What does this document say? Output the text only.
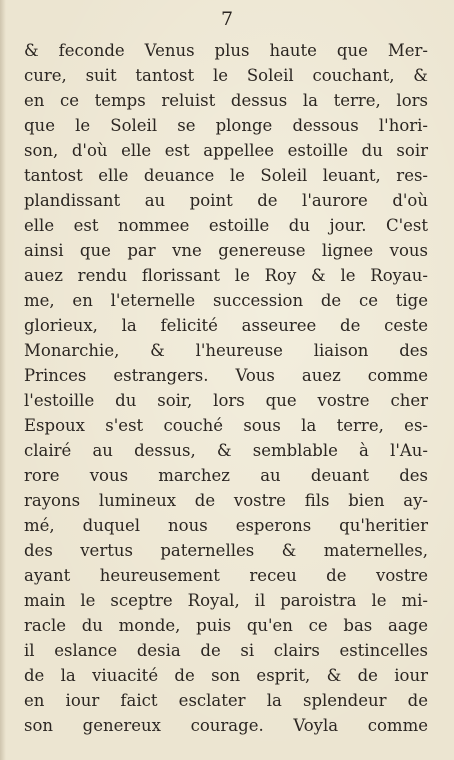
7
& feconde Venus plus haute que Mer-
cure, suit tantost le Soleil couchant, &
en ce temps reluist dessus la terre, lors
que le Soleil se plonge dessous l'hori-
son, d'où elle est appellee estoille du soir
tantost elle deuance le Soleil leuant, res-
plandissant au point de l'aurore d'où
elle est nommee estoille du jour. C'est
ainsi que par vne genereuse lignee vous
auez rendu florissant le Roy & le Royau-
me, en l'eternelle succession de ce tige
glorieux, la felicité asseuree de ceste
Monarchie, & l'heureuse liaison des
Princes estrangers. Vous auez comme
l'estoille du soir, lors que vostre cher
Espoux s'est couché sous la terre, es-
clairé au dessus, & semblable à l'Au-
rore vous marchez au deuant des
rayons lumineux de vostre fils bien ay-
mé, duquel nous esperons qu'heritier
des vertus paternelles & maternelles,
ayant heureusement receu de vostre
main le sceptre Royal, il paroistra le mi-
racle du monde, puis qu'en ce bas aage
il eslance desia de si clairs estincelles
de la viuacité de son esprit, & de iour
en iour faict esclater la splendeur de
son genereux courage. Voyla comme
